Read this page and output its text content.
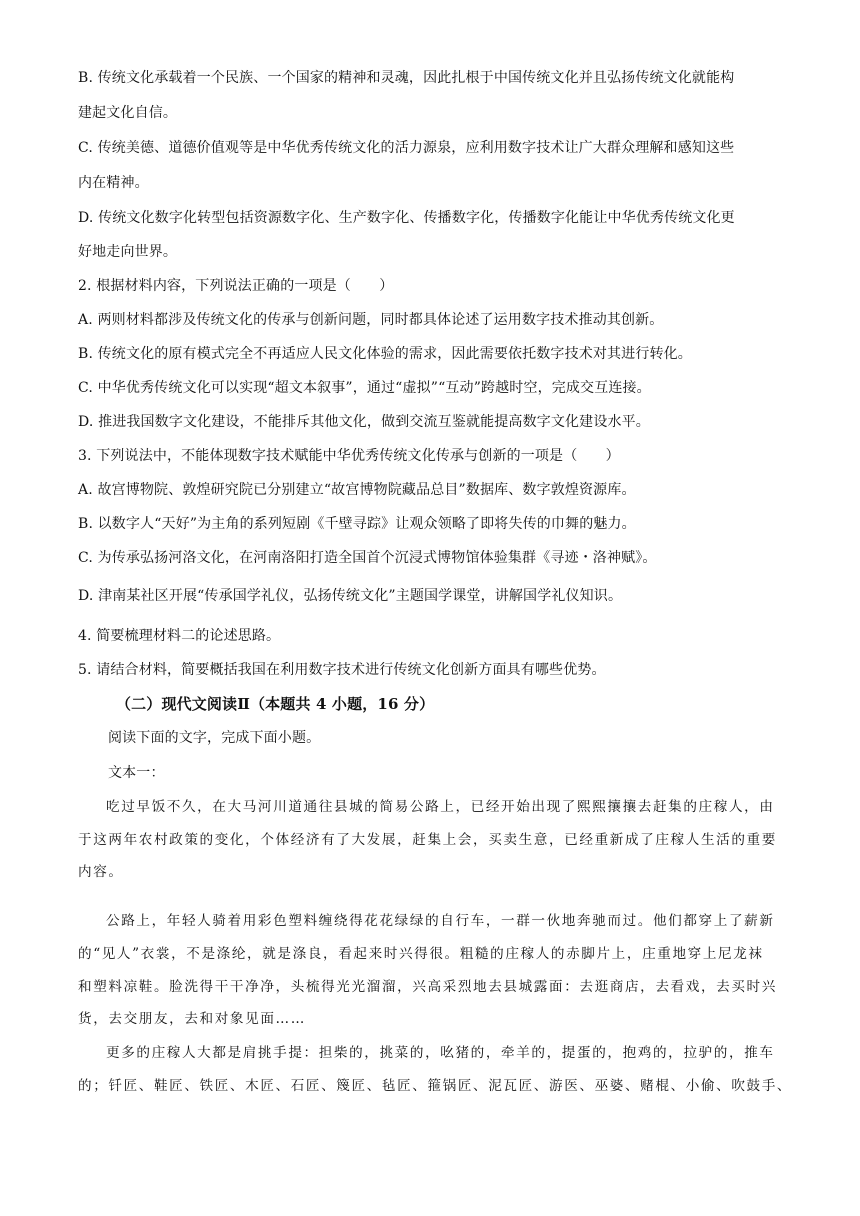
B. 传统文化承载着一个民族、一个国家的精神和灵魂，因此扎根于中国传统文化并且弘扬传统文化就能构
建起文化自信。
C. 传统美德、道德价值观等是中华优秀传统文化的活力源泉，应利用数字技术让广大群众理解和感知这些
内在精神。
D. 传统文化数字化转型包括资源数字化、生产数字化、传播数字化，传播数字化能让中华优秀传统文化更
好地走向世界。
2. 根据材料内容，下列说法正确的一项是（　　）
A. 两则材料都涉及传统文化的传承与创新问题，同时都具体论述了运用数字技术推动其创新。
B. 传统文化的原有模式完全不再适应人民文化体验的需求，因此需要依托数字技术对其进行转化。
C. 中华优秀传统文化可以实现“超文本叙事”，通过“虚拟”“互动”跨越时空，完成交互连接。
D. 推进我国数字文化建设，不能排斥其他文化，做到交流互鉴就能提高数字文化建设水平。
3. 下列说法中，不能体现数字技术赋能中华优秀传统文化传承与创新的一项是（　　）
A. 故宫博物院、敦煌研究院已分别建立“故宫博物院藏品总目”数据库、数字敦煌资源库。
B. 以数字人“天好”为主角的系列短剧《千壁寻踪》让观众领略了即将失传的巾舞的魅力。
C. 为传承弘扬河洛文化，在河南洛阳打造全国首个沉浸式博物馆体验集群《寻迹・洛神赋》。
D. 津南某社区开展“传承国学礼仪，弘扬传统文化”主题国学课堂，讲解国学礼仪知识。
4. 简要梳理材料二的论述思路。
5. 请结合材料，简要概括我国在利用数字技术进行传统文化创新方面具有哪些优势。
（二）现代文阅读Ⅱ（本题共 4 小题，16 分）
阅读下面的文字，完成下面小题。
文本一：
吃过早饭不久，在大马河川道通往县城的简易公路上，已经开始出现了熙熙攘攘去赶集的庄稼人，由
于这两年农村政策的变化，个体经济有了大发展，赶集上会，买卖生意，已经重新成了庄稼人生活的重要
内容。
公路上，年轻人骑着用彩色塑料缠绕得花花绿绿的自行车，一群一伙地奔驰而过。他们都穿上了薪新
的“见人”衣裳，不是涤纶，就是涤良，看起来时兴得很。粗糙的庄稼人的赤脚片上，庄重地穿上尼龙袜
和塑料凉鞋。脸洗得干干净净，头梳得光光溜溜，兴高采烈地去县城露面：去逛商店，去看戏，去买时兴
货，去交朋友，去和对象见面……
更多的庄稼人大都是肩挑手提：担柴的，挑菜的，吆猪的，牵羊的，提蛋的，抱鸡的，拉驴的，推车
的；钎匠、鞋匠、铁匠、木匠、石匠、篾匠、毡匠、箍锅匠、泥瓦匠、游医、巫婆、赌棍、小偷、吹鼓手、
